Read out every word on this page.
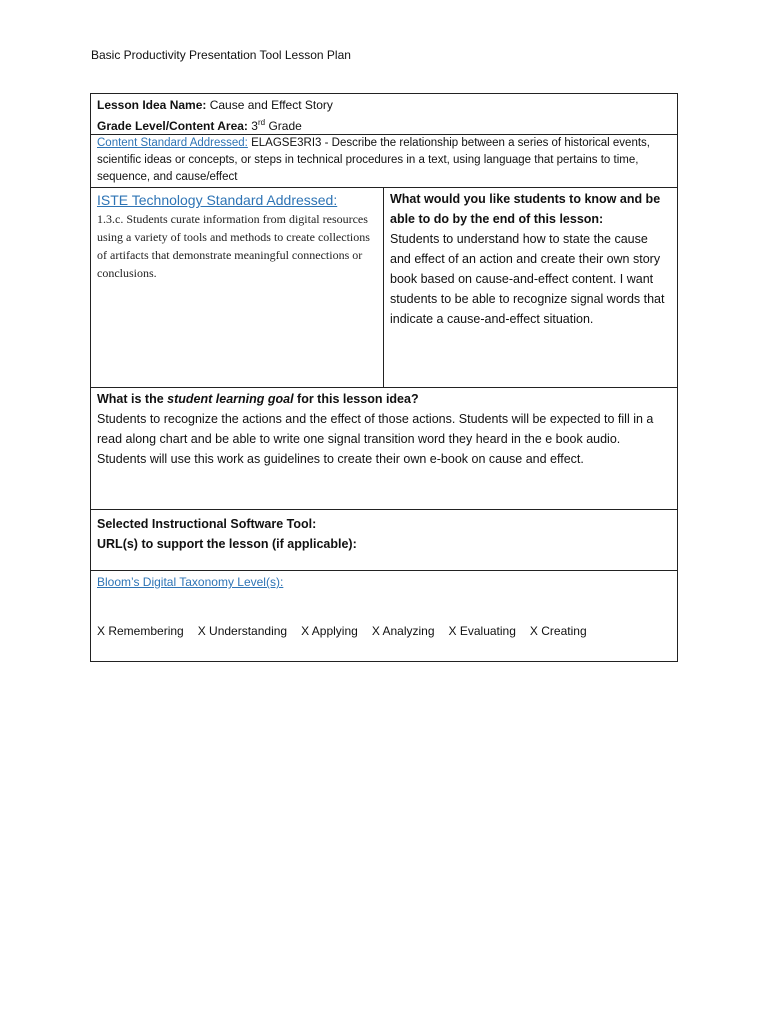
Basic Productivity Presentation Tool Lesson Plan
Lesson Idea Name: Cause and Effect Story
Grade Level/Content Area: 3rd Grade
Content Standard Addressed: ELAGSE3RI3 - Describe the relationship between a series of historical events, scientific ideas or concepts, or steps in technical procedures in a text, using language that pertains to time, sequence, and cause/effect
ISTE Technology Standard Addressed:
1.3.c. Students curate information from digital resources using a variety of tools and methods to create collections of artifacts that demonstrate meaningful connections or conclusions.
What would you like students to know and be able to do by the end of this lesson:
Students to understand how to state the cause and effect of an action and create their own story book based on cause-and-effect content. I want students to be able to recognize signal words that indicate a cause-and-effect situation.
What is the student learning goal for this lesson idea?
Students to recognize the actions and the effect of those actions. Students will be expected to fill in a read along chart and be able to write one signal transition word they heard in the e book audio. Students will use this work as guidelines to create their own e-book on cause and effect.
Selected Instructional Software Tool:
URL(s) to support the lesson (if applicable):
Bloom’s Digital Taxonomy Level(s):
X Remembering X Understanding X Applying X Analyzing X Evaluating X Creating
